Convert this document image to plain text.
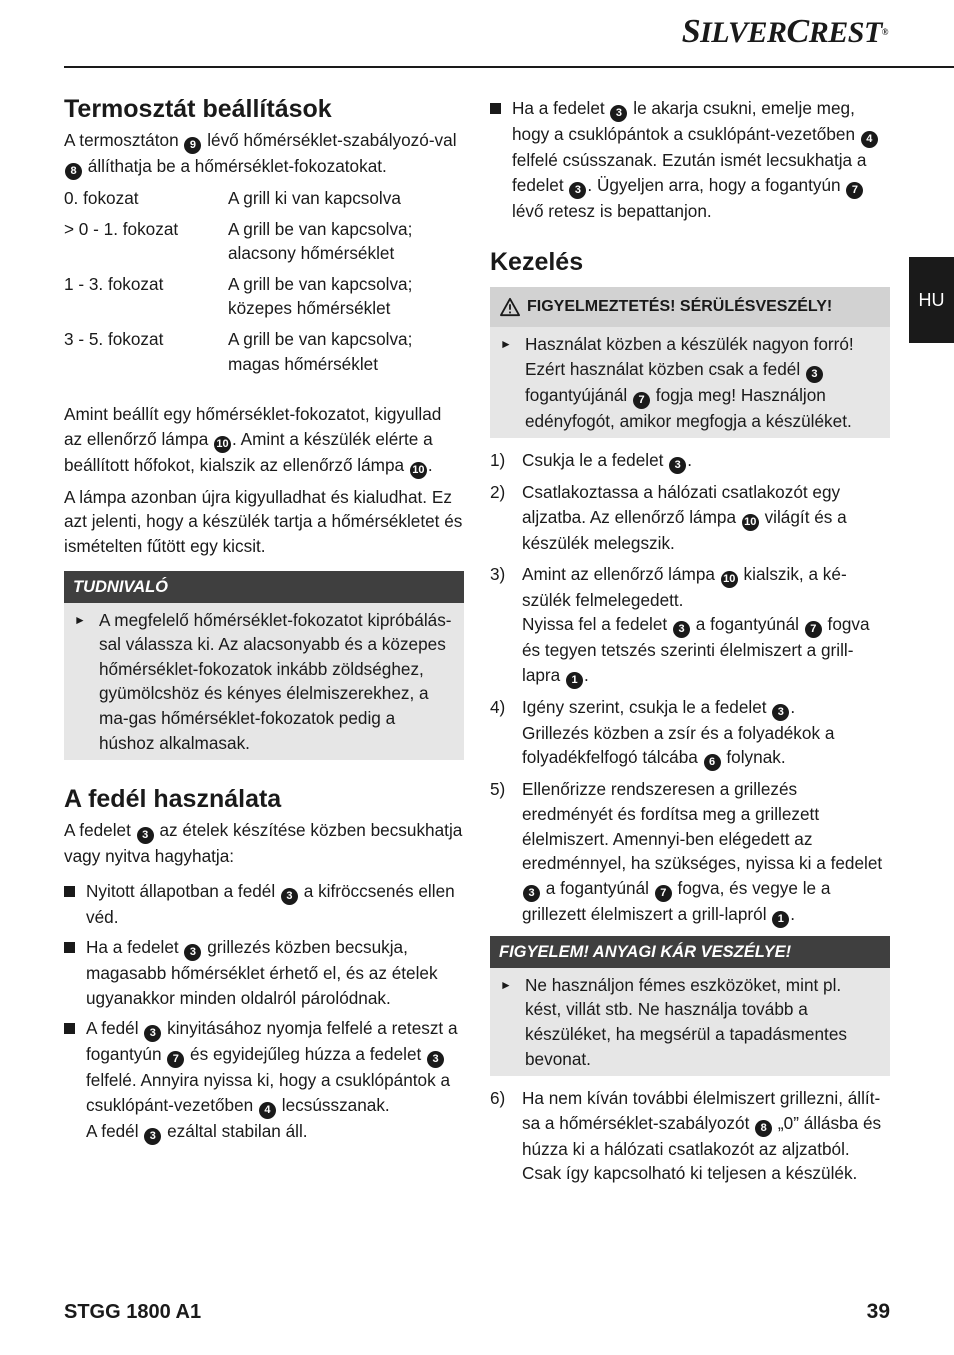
SILVERCREST®
HU
Termosztát beállítások

A termosztáton 9 lévő hőmérséklet-szabályozó-val 8 állíthatja be a hőmérséklet-fokozatokat.

0. fokozat	A grill ki van kapcsolva
> 0 - 1. fokozat	A grill be van kapcsolva; alacsony hőmérséklet
1 - 3. fokozat	A grill be van kapcsolva; közepes hőmérséklet
3 - 5. fokozat	A grill be van kapcsolva; magas hőmérséklet

Amint beállít egy hőmérséklet-fokozatot, kigyullad az ellenőrző lámpa 10 . Amint a készülék elérte a beállított hőfokot, kialszik az ellenőrző lámpa 10 .

A lámpa azonban újra kigyulladhat és kialudhat. Ez azt jelenti, hogy a készülék tartja a hőmérsékletet és ismételten fűtött egy kicsit.

TUDNIVALÓ
► A megfelelő hőmérséklet-fokozatot kipróbálás-sal válassza ki. Az alacsonyabb és a közepes hőmérséklet-fokozatok inkább zöldséghez, gyümölcshöz és kényes élelmiszerekhez, a ma-gas hőmérséklet-fokozatok pedig a húshoz alkalmasak.
A fedél használata

A fedelet 3 az ételek készítése közben becsukhatja vagy nyitva hagyhatja:

Nyitott állapotban a fedél 3 a kifröccsenés ellen véd.
Ha a fedelet 3 grillezés közben becsukja, magasabb hőmérséklet érhető el, és az ételek ugyanakkor minden oldalról párolódnak.
A fedél 3 kinyitásához nyomja felfelé a reteszt a fogantyún 7 és egyidejűleg húzza a fedelet 3 felfelé. Annyira nyissa ki, hogy a csuklópántok a csuklópánt-vezetőben 4 lecsússzanak.
A fedél 3 ezáltal stabilan áll.
Ha a fedelet 3 le akarja csukni, emelje meg, hogy a csuklópántok a csuklópánt-vezetőben 4 felfelé csússzanak. Ezután ismét lecsukhatja a fedelet 3 . Ügyeljen arra, hogy a fogantyún 7 lévő retesz is bepattanjon.
Kezelés
FIGYELMEZTETÉS! SÉRÜLÉSVESZÉLY!
► Használat közben a készülék nagyon forró! Ezért használat közben csak a fedél 3 fogantyújánál 7 fogja meg! Használjon edényfogót, amikor megfogja a készüléket.
1) Csukja le a fedelet 3 .
2) Csatlakoztassa a hálózati csatlakozót egy aljzatba. Az ellenőrző lámpa 10 világít és a készülék melegszik.
3) Amint az ellenőrző lámpa 10 kialszik, a ké-szülék felmelegedett.
Nyissa fel a fedelet 3 a fogantyúnál 7 fogva és tegyen tetszés szerinti élelmiszert a grill-lapra 1 .
4) Igény szerint, csukja le a fedelet 3 .
Grillezés közben a zsír és a folyadékok a folyadékfelfogó tálcába 6 folynak.
5) Ellenőrizze rendszeresen a grillezés eredményét és fordítsa meg a grillezett élelmiszert. Amennyi-ben elégedett az eredménnyel, ha szükséges, nyissa ki a fedelet 3 a fogantyúnál 7 fogva, és vegye le a grillezett élelmiszert a grill-lapról 1 .
FIGYELEM! ANYAGI KÁR VESZÉLYE!
► Ne használjon fémes eszközöket, mint pl. kést, villát stb. Ne használja tovább a készüléket, ha megsérül a tapadásmentes bevonat.
6) Ha nem kíván további élelmiszert grillezni, állít-sa a hőmérséklet-szabályozót 8 „0” állásba és húzza ki a hálózati csatlakozót az aljzatból. Csak így kapcsolható ki teljesen a készülék.
STGG 1800 A1	39
